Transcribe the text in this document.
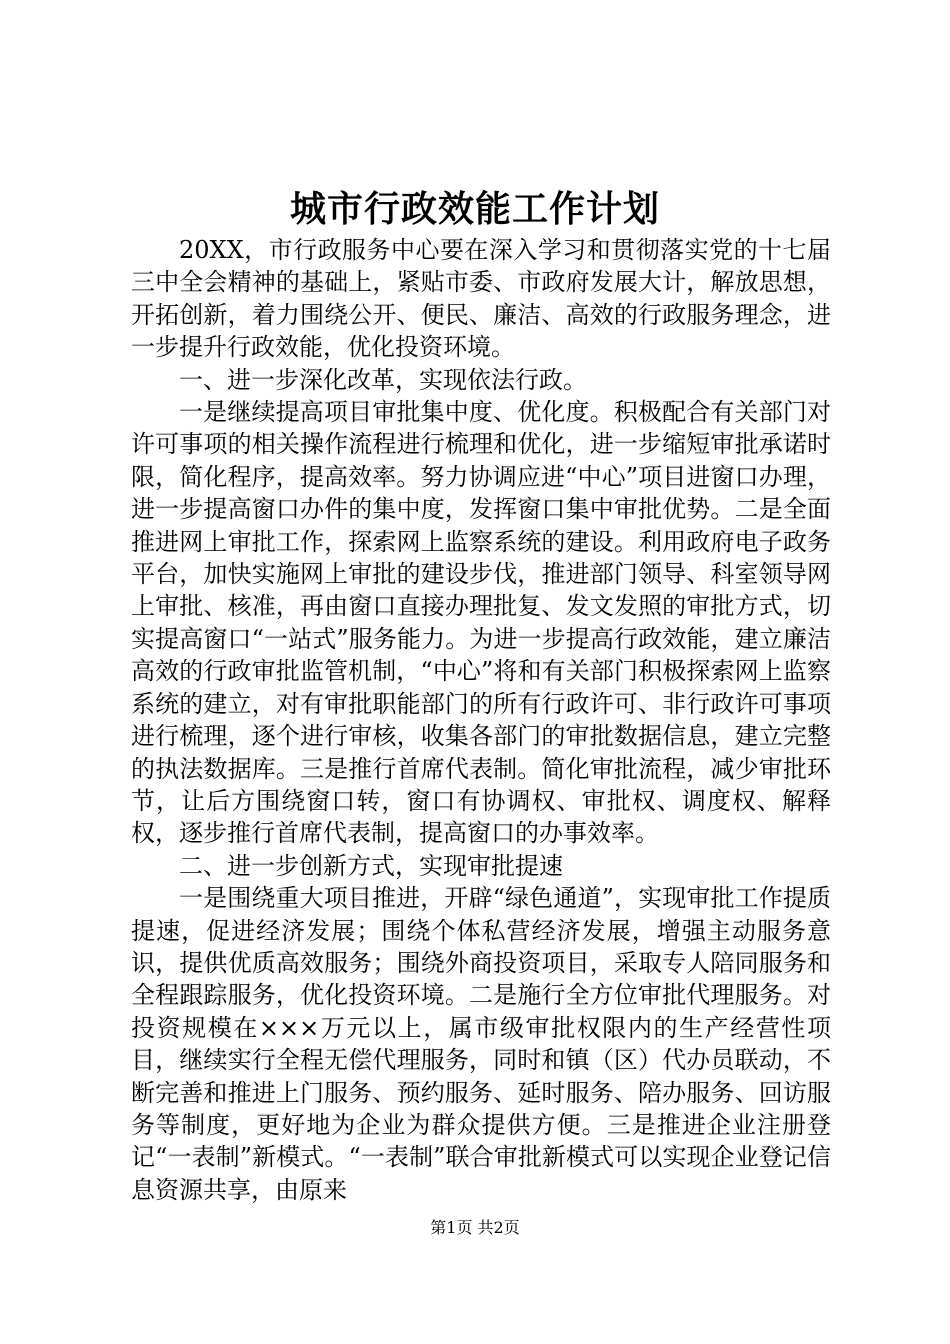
城市行政效能工作计划

20XX，市行政服务中心要在深入学习和贯彻落实党的十七届三中全会精神的基础上，紧贴市委、市政府发展大计，解放思想，开拓创新，着力围绕公开、便民、廉洁、高效的行政服务理念，进一步提升行政效能，优化投资环境。

一、进一步深化改革，实现依法行政。

一是继续提高项目审批集中度、优化度。积极配合有关部门对许可事项的相关操作流程进行梳理和优化，进一步缩短审批承诺时限，简化程序，提高效率。努力协调应进“中心”项目进窗口办理，进一步提高窗口办件的集中度，发挥窗口集中审批优势。二是全面推进网上审批工作，探索网上监察系统的建设。利用政府电子政务平台，加快实施网上审批的建设步伐，推进部门领导、科室领导网上审批、核准，再由窗口直接办理批复、发文发照的审批方式，切实提高窗口“一站式”服务能力。为进一步提高行政效能，建立廉洁高效的行政审批监管机制，“中心”将和有关部门积极探索网上监察系统的建立，对有审批职能部门的所有行政许可、非行政许可事项进行梳理，逐个进行审核，收集各部门的审批数据信息，建立完整的执法数据库。三是推行首席代表制。简化审批流程，减少审批环节，让后方围绕窗口转，窗口有协调权、审批权、调度权、解释权，逐步推行首席代表制，提高窗口的办事效率。

二、进一步创新方式，实现审批提速

一是围绕重大项目推进，开辟“绿色通道”，实现审批工作提质提速，促进经济发展；围绕个体私营经济发展，增强主动服务意识，提供优质高效服务；围绕外商投资项目，采取专人陪同服务和全程跟踪服务，优化投资环境。二是施行全方位审批代理服务。对投资规模在×××万元以上，属市级审批权限内的生产经营性项目，继续实行全程无偿代理服务，同时和镇（区）代办员联动，不断完善和推进上门服务、预约服务、延时服务、陪办服务、回访服务等制度，更好地为企业为群众提供方便。三是推进企业注册登记“一表制”新模式。“一表制”联合审批新模式可以实现企业登记信息资源共享，由原来

第1页 共2页
